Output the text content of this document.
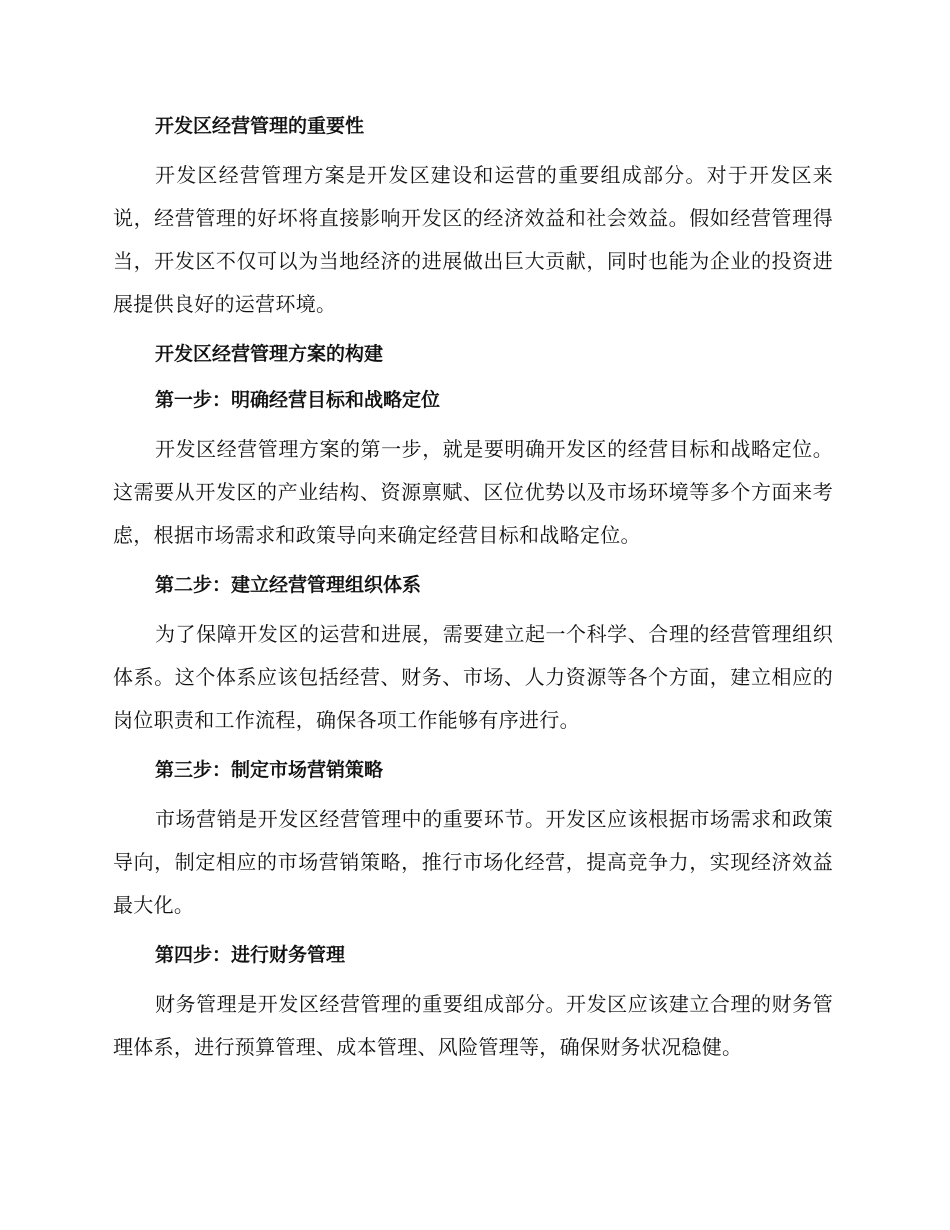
开发区经营管理的重要性

开发区经营管理方案是开发区建设和运营的重要组成部分。对于开发区来说，经营管理的好坏将直接影响开发区的经济效益和社会效益。假如经营管理得当，开发区不仅可以为当地经济的进展做出巨大贡献，同时也能为企业的投资进展提供良好的运营环境。

开发区经营管理方案的构建
第一步：明确经营目标和战略定位

开发区经营管理方案的第一步，就是要明确开发区的经营目标和战略定位。这需要从开发区的产业结构、资源禀赋、区位优势以及市场环境等多个方面来考虑，根据市场需求和政策导向来确定经营目标和战略定位。

第二步：建立经营管理组织体系

为了保障开发区的运营和进展，需要建立起一个科学、合理的经营管理组织体系。这个体系应该包括经营、财务、市场、人力资源等各个方面，建立相应的岗位职责和工作流程，确保各项工作能够有序进行。

第三步：制定市场营销策略

市场营销是开发区经营管理中的重要环节。开发区应该根据市场需求和政策导向，制定相应的市场营销策略，推行市场化经营，提高竞争力，实现经济效益最大化。

第四步：进行财务管理

财务管理是开发区经营管理的重要组成部分。开发区应该建立合理的财务管理体系，进行预算管理、成本管理、风险管理等，确保财务状况稳健。
